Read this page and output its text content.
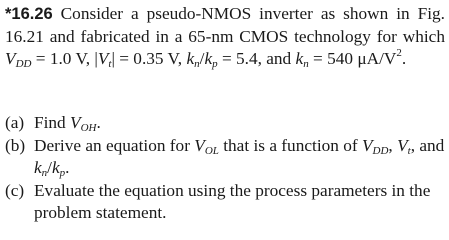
*16.26 Consider a pseudo-NMOS inverter as shown in Fig. 16.21 and fabricated in a 65-nm CMOS technology for which $V_{DD} = 1.0$ V, $|V_t| = 0.35$ V, $k_n/k_p = 5.4$, and $k_n = 540$ $\mu A/V^2$.
(a) Find $V_{OH}$.
(b) Derive an equation for $V_{OL}$ that is a function of $V_{DD}$, $V_t$, and $k_n/k_p$.
(c) Evaluate the equation using the process parameters in the problem statement.
